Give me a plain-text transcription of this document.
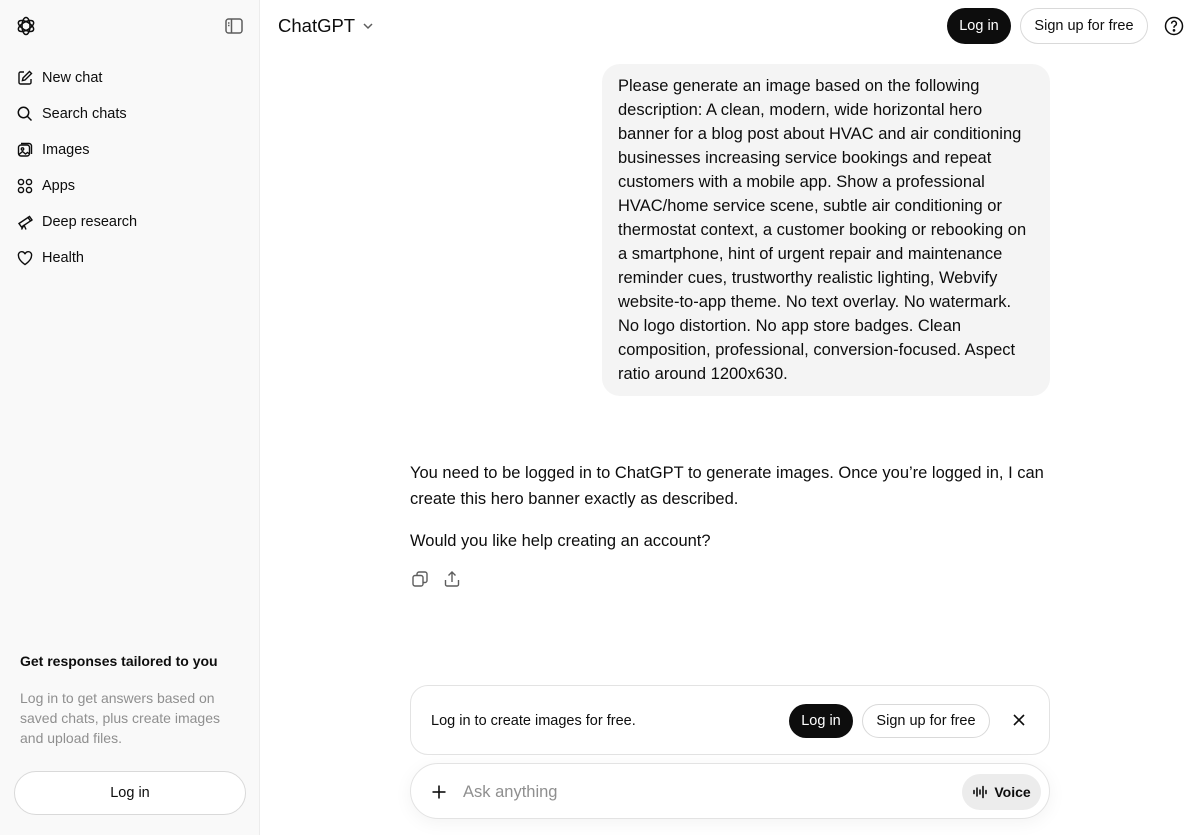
New chat
Search chats
Images
Apps
Deep research
Health
Get responses tailored to you
Log in to get answers based on saved chats, plus create images and upload files.
Log in
ChatGPT	Log in	Sign up for free
Please generate an image based on the following description: A clean, modern, wide horizontal hero banner for a blog post about HVAC and air conditioning businesses increasing service bookings and repeat customers with a mobile app. Show a professional HVAC/home service scene, subtle air conditioning or thermostat context, a customer booking or rebooking on a smartphone, hint of urgent repair and maintenance reminder cues, trustworthy realistic lighting, Webvify website-to-app theme. No text overlay. No watermark. No logo distortion. No app store badges. Clean composition, professional, conversion-focused. Aspect ratio around 1200x630.

You need to be logged in to ChatGPT to generate images. Once you’re logged in, I can create this hero banner exactly as described.

Would you like help creating an account?

Log in to create images for free.	Log in	Sign up for free
Ask anything
Voice
